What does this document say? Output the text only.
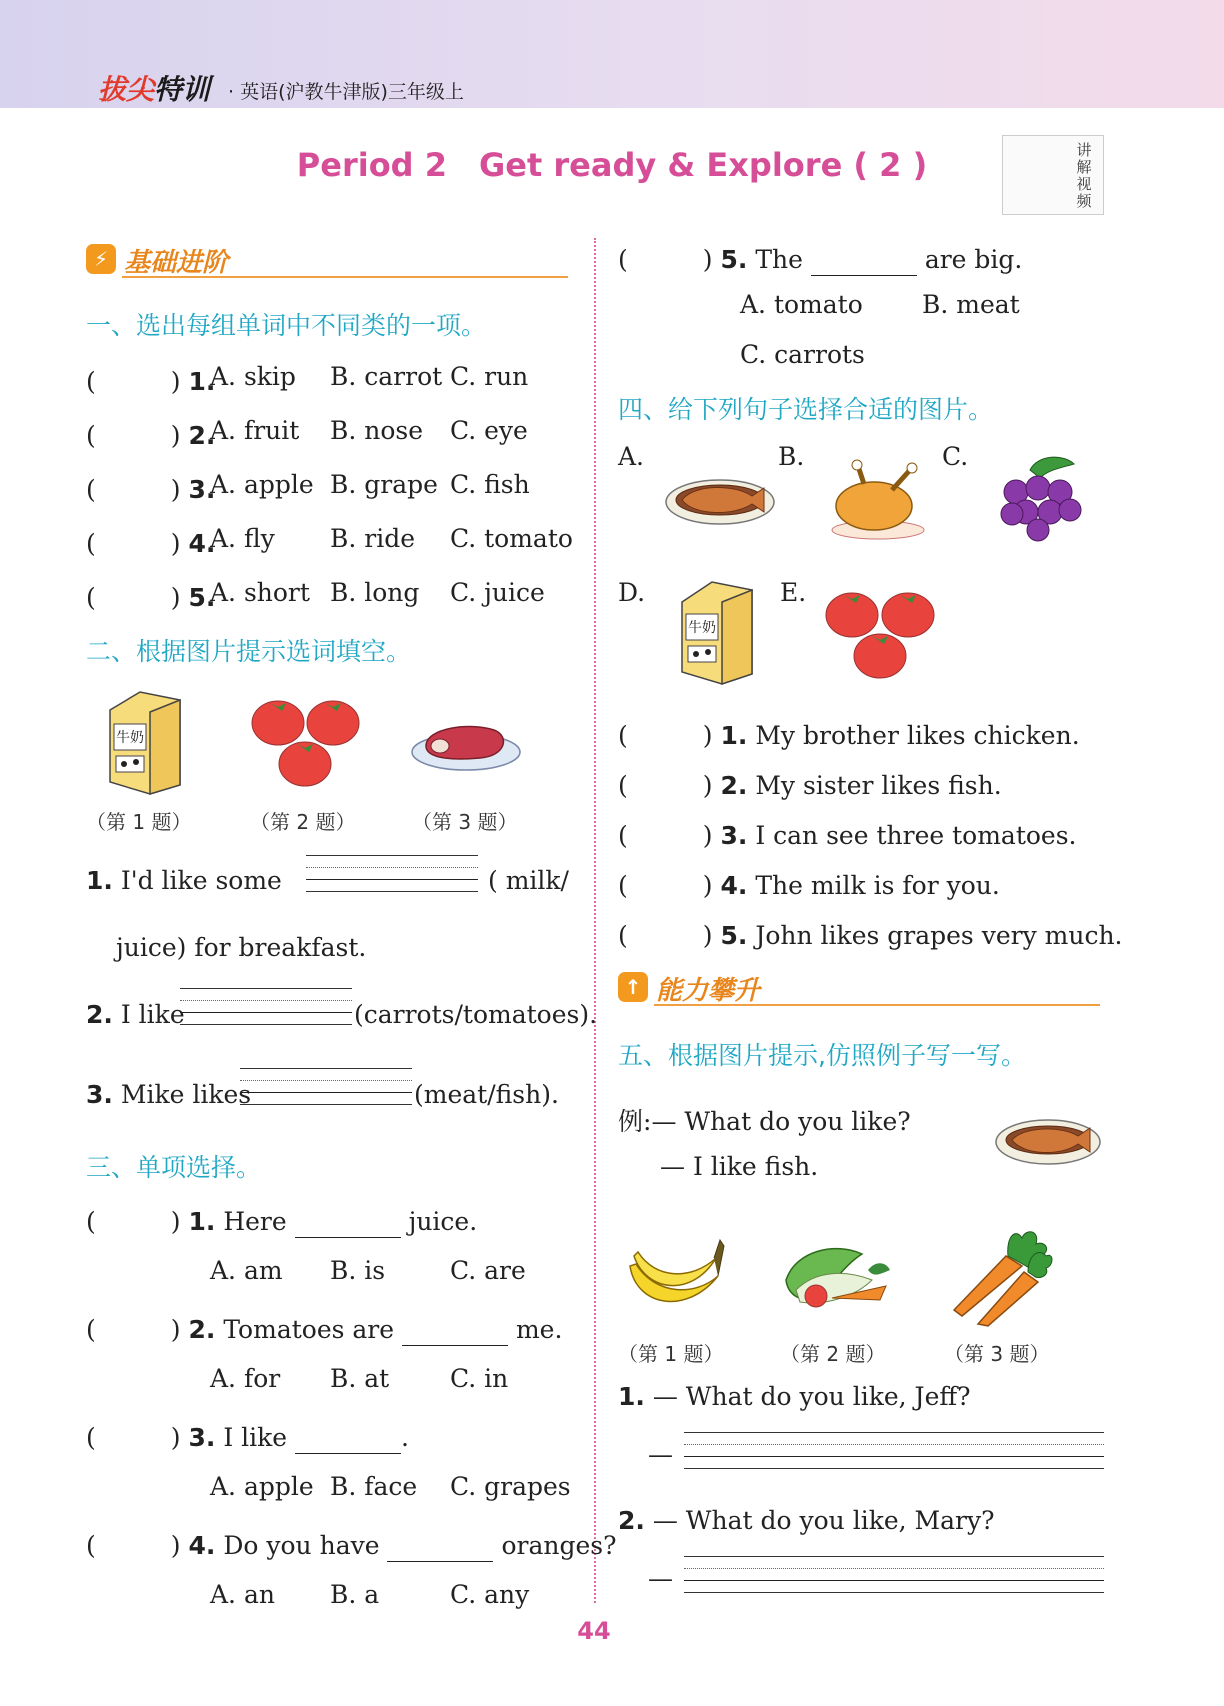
拔尖特训 · 英语(沪教牛津版)三年级上
Period 2　Get ready & Explore ( 2 )	讲解视频
⚡ 基础进阶
一、选出每组单词中不同类的一项。
(　　　) 1.
A. skip B. carrot C. run
(　　　) 2.
A. fruit B. nose C. eye
(　　　) 3.
A. apple B. grape C. fish
(　　　) 4.
A. fly B. ride C. tomato
(　　　) 5.
A. short B. long C. juice
二、根据图片提示选词填空。
牛奶
（第 1 题）	（第 2 题）	（第 3 题）
1. I'd like some	( milk/
juice) for breakfast.
2. I like	(carrots/tomatoes).
3. Mike likes	(meat/fish).
三、单项选择。
(　　　) 1. Here	juice.
A. am B. is	C. are
(　　　) 2. Tomatoes are	me.
A. for B. at C. in
(　　　) 3. I like	.
A. apple B. face C. grapes
(　　　) 4. Do you have	oranges?
A. an B. a	C. any
(　　　) 5. The	are big.
A. tomato B. meat
C. carrots
四、给下列句子选择合适的图片。
A.	B.	C.
D.
牛奶
E.
(　　　) 1. My brother likes chicken.
(　　　) 2. My sister likes fish.
(　　　) 3. I can see three tomatoes.
(　　　) 4. The milk is for you.
(　　　) 5. John likes grapes very much.
↑ 能力攀升
五、根据图片提示,仿照例子写一写。
例:— What do you like?
— I like fish.
（第 1 题）	（第 2 题）	（第 3 题）
1. — What do you like, Jeff?
—
2. — What do you like, Mary?
—
44
